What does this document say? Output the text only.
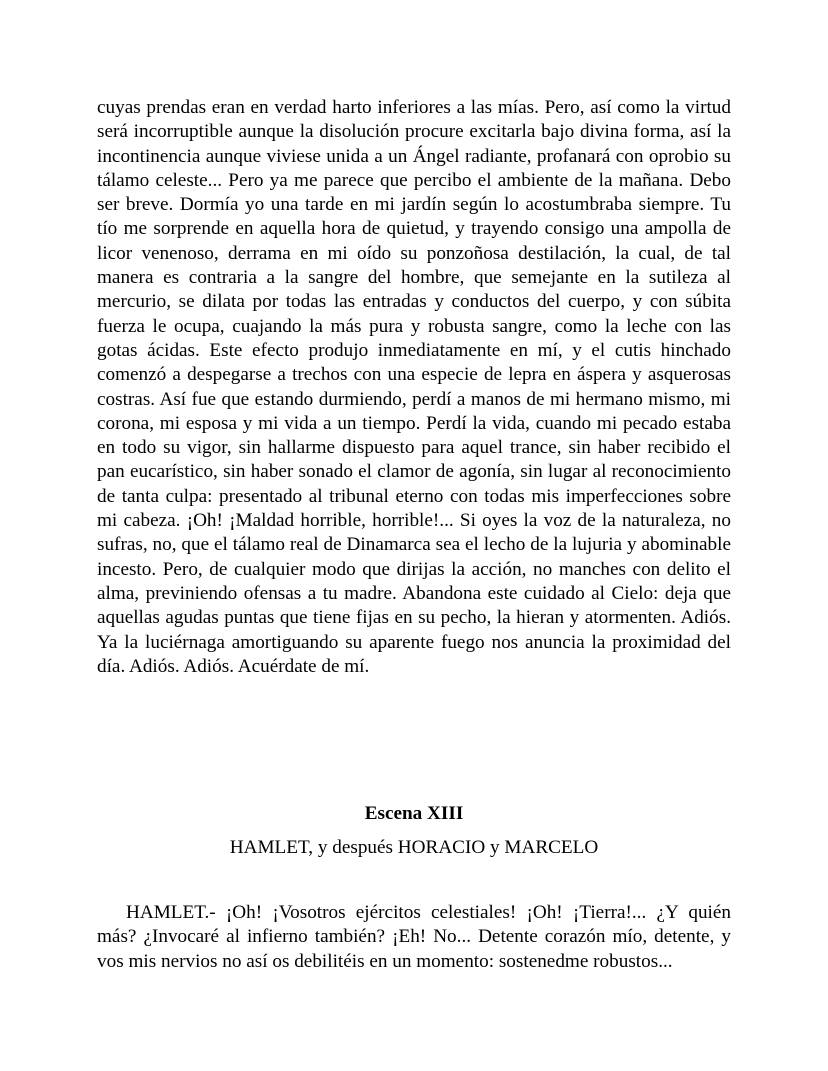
cuyas prendas eran en verdad harto inferiores a las mías. Pero, así como la virtud será incorruptible aunque la disolución procure excitarla bajo divina forma, así la incontinencia aunque viviese unida a un Ángel radiante, profanará con oprobio su tálamo celeste... Pero ya me parece que percibo el ambiente de la mañana. Debo ser breve. Dormía yo una tarde en mi jardín según lo acostumbraba siempre. Tu tío me sorprende en aquella hora de quietud, y trayendo consigo una ampolla de licor venenoso, derrama en mi oído su ponzoñosa destilación, la cual, de tal manera es contraria a la sangre del hombre, que semejante en la sutileza al mercurio, se dilata por todas las entradas y conductos del cuerpo, y con súbita fuerza le ocupa, cuajando la más pura y robusta sangre, como la leche con las gotas ácidas. Este efecto produjo inmediatamente en mí, y el cutis hinchado comenzó a despegarse a trechos con una especie de lepra en áspera y asquerosas costras. Así fue que estando durmiendo, perdí a manos de mi hermano mismo, mi corona, mi esposa y mi vida a un tiempo. Perdí la vida, cuando mi pecado estaba en todo su vigor, sin hallarme dispuesto para aquel trance, sin haber recibido el pan eucarístico, sin haber sonado el clamor de agonía, sin lugar al reconocimiento de tanta culpa: presentado al tribunal eterno con todas mis imperfecciones sobre mi cabeza. ¡Oh! ¡Maldad horrible, horrible!... Si oyes la voz de la naturaleza, no sufras, no, que el tálamo real de Dinamarca sea el lecho de la lujuria y abominable incesto. Pero, de cualquier modo que dirijas la acción, no manches con delito el alma, previniendo ofensas a tu madre. Abandona este cuidado al Cielo: deja que aquellas agudas puntas que tiene fijas en su pecho, la hieran y atormenten. Adiós. Ya la luciérnaga amortiguando su aparente fuego nos anuncia la proximidad del día. Adiós. Adiós. Acuérdate de mí.

Escena XIII

HAMLET, y después HORACIO y MARCELO

HAMLET.- ¡Oh! ¡Vosotros ejércitos celestiales! ¡Oh! ¡Tierra!... ¿Y quién más? ¿Invocaré al infierno también? ¡Eh! No... Detente corazón mío, detente, y vos mis nervios no así os debilitéis en un momento: sostenedme robustos...
